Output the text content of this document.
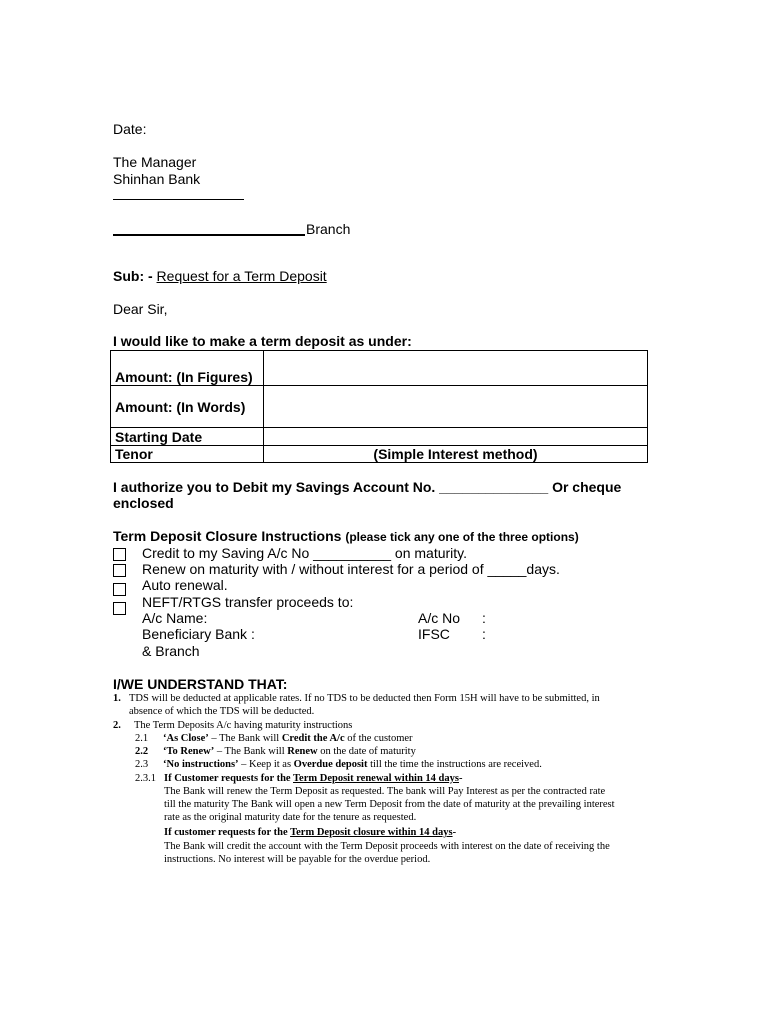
Date:
The Manager
Shinhan Bank
Branch
Sub: - Request for a Term Deposit
Dear Sir,
I would like to make a term deposit as under:
Amount: (In Figures)	
Amount: (In Words)	
Starting Date	
Tenor	(Simple Interest method)
I authorize you to Debit my Savings Account No. ______________ Or cheque
enclosed
Term Deposit Closure Instructions (please tick any one of the three options)
Credit to my Saving A/c No __________ on maturity.
Renew on maturity with / without interest for a period of _____days.
Auto renewal.
NEFT/RTGS transfer proceeds to:
A/c Name:	A/c No :
Beneficiary Bank :	IFSC :
& Branch
I/WE UNDERSTAND THAT:
1. TDS will be deducted at applicable rates. If no TDS to be deducted then Form 15H will have to be submitted, in
absence of which the TDS will be deducted.
2. The Term Deposits A/c having maturity instructions
2.1 ‘As Close’ – The Bank will Credit the A/c of the customer
2.2 ‘To Renew’ – The Bank will Renew on the date of maturity
2.3 ‘No instructions’ – Keep it as Overdue deposit till the time the instructions are received.
2.3.1 If Customer requests for the Term Deposit renewal within 14 days-
The Bank will renew the Term Deposit as requested. The bank will Pay Interest as per the contracted rate
till the maturity The Bank will open a new Term Deposit from the date of maturity at the prevailing interest
rate as the original maturity date for the tenure as requested.
If customer requests for the Term Deposit closure within 14 days-
The Bank will credit the account with the Term Deposit proceeds with interest on the date of receiving the
instructions. No interest will be payable for the overdue period.
